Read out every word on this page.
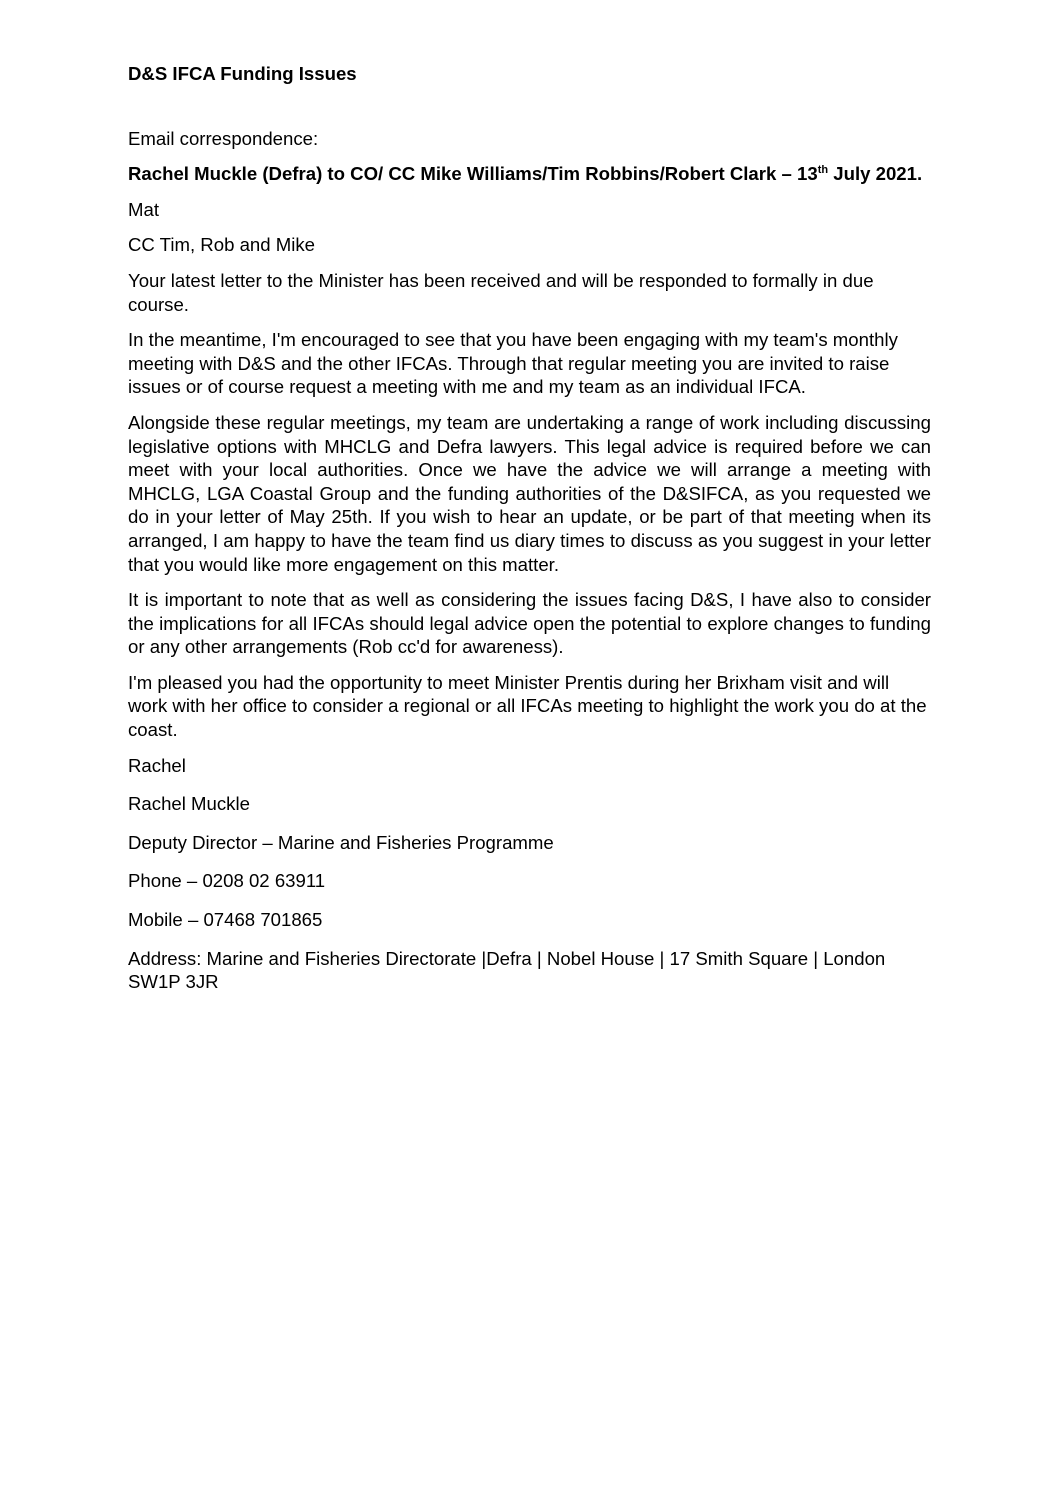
D&S IFCA Funding Issues
Email correspondence:
Rachel Muckle (Defra) to CO/ CC Mike Williams/Tim Robbins/Robert Clark – 13th July 2021.
Mat
CC Tim, Rob and Mike
Your latest letter to the Minister has been received and will be responded to formally in due course.
In the meantime, I'm encouraged to see that you have been engaging with my team's monthly meeting with D&S and the other IFCAs. Through that regular meeting you are invited to raise issues or of course request a meeting with me and my team as an individual IFCA.
Alongside these regular meetings, my team are undertaking a range of work including discussing legislative options with MHCLG and Defra lawyers. This legal advice is required before we can meet with your local authorities. Once we have the advice we will arrange a meeting with MHCLG, LGA Coastal Group and the funding authorities of the D&SIFCA, as you requested we do in your letter of May 25th. If you wish to hear an update, or be part of that meeting when its arranged, I am happy to have the team find us diary times to discuss as you suggest in your letter that you would like more engagement on this matter.
It is important to note that as well as considering the issues facing D&S, I have also to consider the implications for all IFCAs should legal advice open the potential to explore changes to funding or any other arrangements (Rob cc'd for awareness).
I'm pleased you had the opportunity to meet Minister Prentis during her Brixham visit and will work with her office to consider a regional or all IFCAs meeting to highlight the work you do at the coast.
Rachel
Rachel Muckle
Deputy Director – Marine and Fisheries Programme
Phone – 0208 02 63911
Mobile – 07468 701865
Address: Marine and Fisheries Directorate |Defra | Nobel House | 17 Smith Square | London SW1P 3JR
